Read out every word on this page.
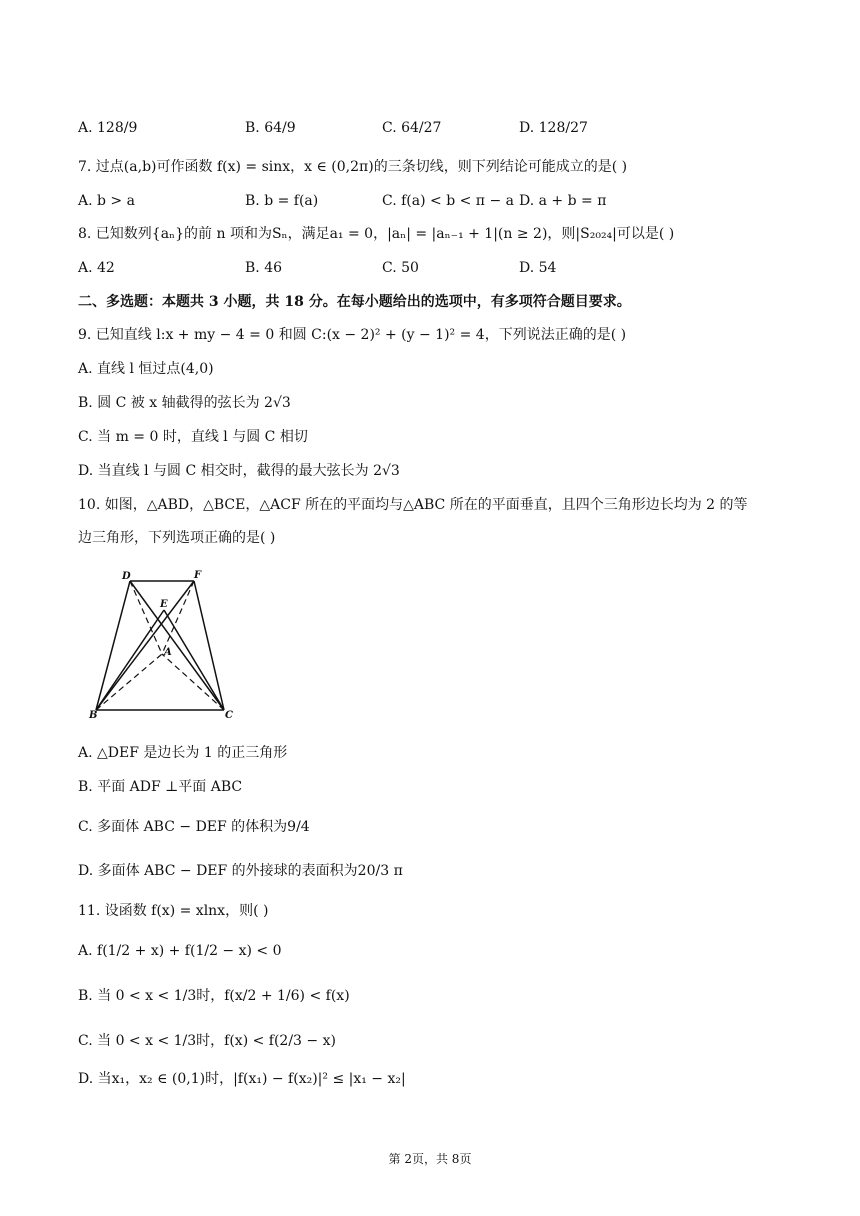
A. 128/9	B. 64/9	C. 64/27	D. 128/27
7. 过点(a,b)可作函数 f(x) = sinx，x ∈ (0,2π)的三条切线，则下列结论可能成立的是( )
A. b > a	B. b = f(a)	C. f(a) < b < π − a D. a + b = π
8. 已知数列{aₙ}的前 n 项和为Sₙ，满足a₁ = 0，|aₙ| = |aₙ₋₁ + 1|(n ≥ 2)，则|S₂₀₂₄|可以是( )
A. 42	B. 46	C. 50	D. 54
二、多选题：本题共 3 小题，共 18 分。在每小题给出的选项中，有多项符合题目要求。
9. 已知直线 l:x + my − 4 = 0 和圆 C:(x − 2)² + (y − 1)² = 4，下列说法正确的是( )
A. 直线 l 恒过点(4,0)
B. 圆 C 被 x 轴截得的弦长为 2√3
C. 当 m = 0 时，直线 l 与圆 C 相切
D. 当直线 l 与圆 C 相交时，截得的最大弦长为 2√3
10. 如图，△ABD，△BCE，△ACF 所在的平面均与△ABC 所在的平面垂直，且四个三角形边长均为 2 的等
边三角形，下列选项正确的是( )
D	F
E
A
B	C
A. △DEF 是边长为 1 的正三角形
B. 平面 ADF ⊥平面 ABC
C. 多面体 ABC − DEF 的体积为9/4
D. 多面体 ABC − DEF 的外接球的表面积为20/3 π
11. 设函数 f(x) = xlnx，则( )
A. f(1/2 + x) + f(1/2 − x) < 0
B. 当 0 < x < 1/3时，f(x/2 + 1/6) < f(x)
C. 当 0 < x < 1/3时，f(x) < f(2/3 − x)
D. 当x₁，x₂ ∈ (0,1)时，|f(x₁) − f(x₂)|² ≤ |x₁ − x₂|
第 2页，共 8页
